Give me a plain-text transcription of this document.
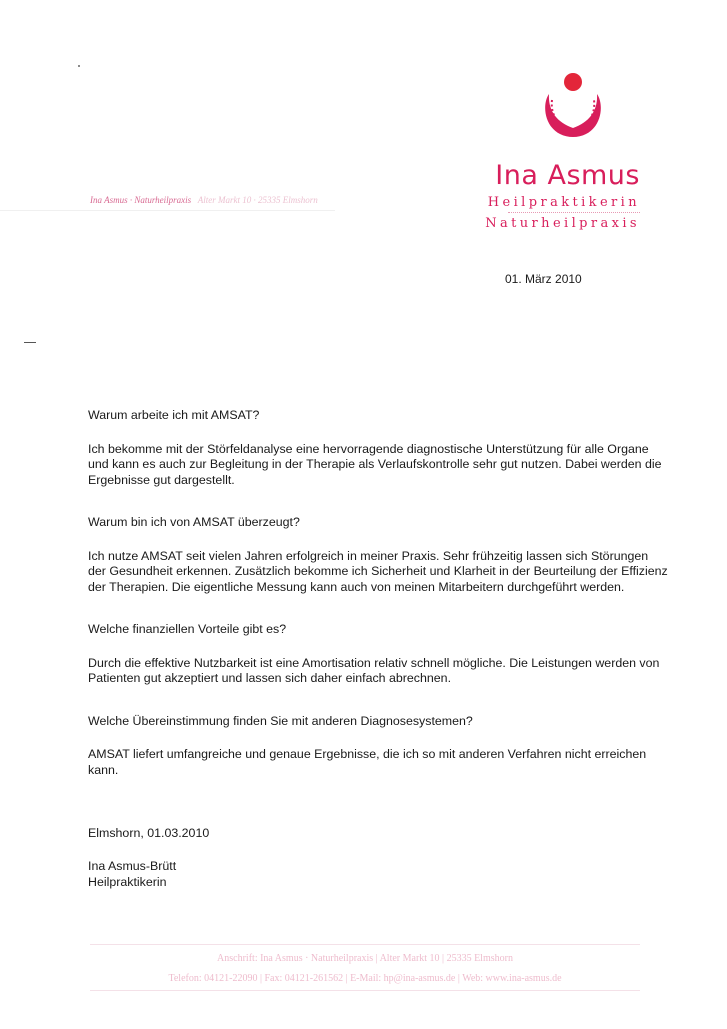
Ina Asmus
Heilpraktikerin
Naturheilpraxis
Ina Asmus · Naturheilpraxis Alter Markt 10 · 25335 Elmshorn
01. März 2010

Warum arbeite ich mit AMSAT?

Ich bekomme mit der Störfeldanalyse eine hervorragende diagnostische Unterstützung für alle Organe und kann es auch zur Begleitung in der Therapie als Verlaufskontrolle sehr gut nutzen. Dabei werden die Ergebnisse gut dargestellt.

Warum bin ich von AMSAT überzeugt?

Ich nutze AMSAT seit vielen Jahren erfolgreich in meiner Praxis. Sehr frühzeitig lassen sich Störungen der Gesundheit erkennen. Zusätzlich bekomme ich Sicherheit und Klarheit in der Beurteilung der Effizienz der Therapien. Die eigentliche Messung kann auch von meinen Mitarbeitern durchgeführt werden.

Welche finanziellen Vorteile gibt es?

Durch die effektive Nutzbarkeit ist eine Amortisation relativ schnell mögliche. Die Leistungen werden von Patienten gut akzeptiert und lassen sich daher einfach abrechnen.

Welche Übereinstimmung finden Sie mit anderen Diagnosesystemen?

AMSAT liefert umfangreiche und genaue Ergebnisse, die ich so mit anderen Verfahren nicht erreichen kann.

Elmshorn, 01.03.2010
Ina Asmus-Brütt
Heilpraktikerin
Anschrift: Ina Asmus · Naturheilpraxis | Alter Markt 10 | 25335 Elmshorn
Telefon: 04121-22090 | Fax: 04121-261562 | E-Mail: hp@ina-asmus.de | Web: www.ina-asmus.de
